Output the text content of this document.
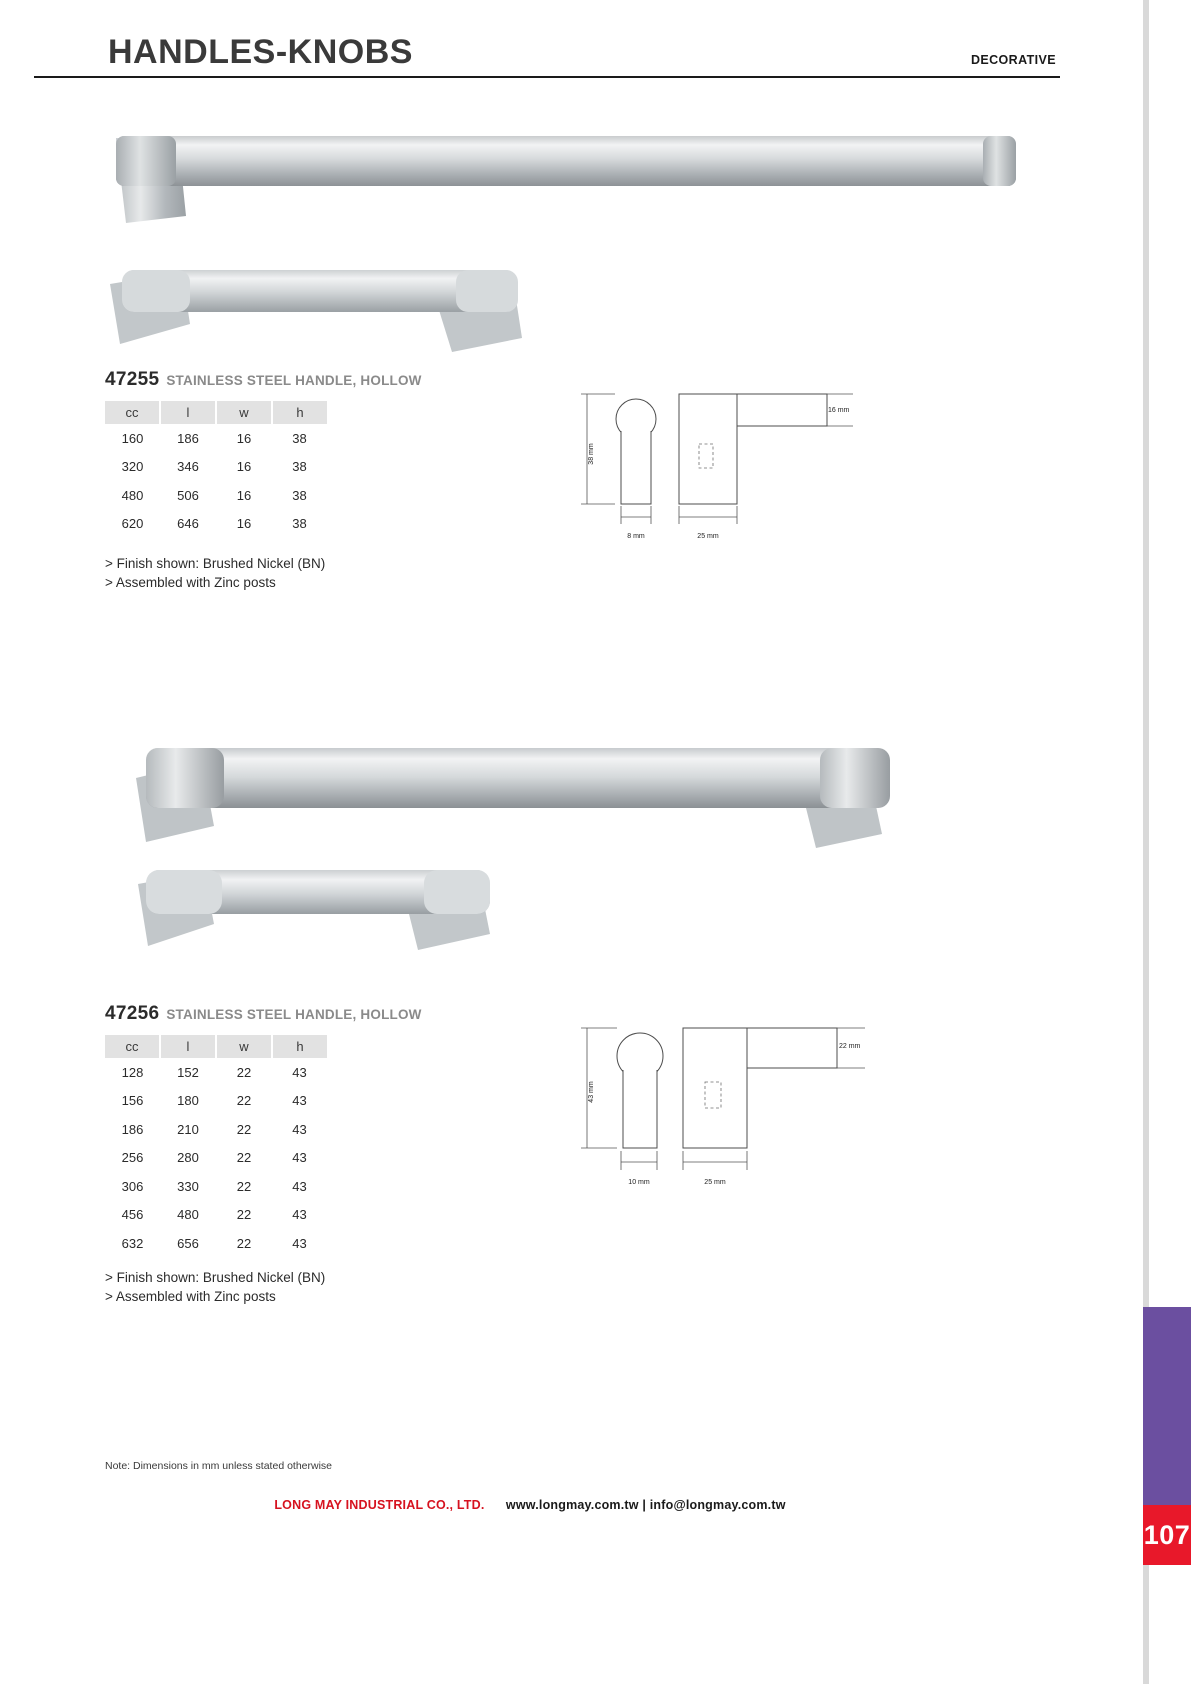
107
HANDLES-KNOBS	DECORATIVE
47255 STAINLESS STEEL HANDLE, HOLLOW
cc	l	w	h
160	186	16	38
320	346	16	38
480	506	16	38
620	646	16	38
> Finish shown: Brushed Nickel (BN)
> Assembled with Zinc posts
38 mm
8 mm	25 mm
16 mm
47256 STAINLESS STEEL HANDLE, HOLLOW
cc	l	w	h
128	152	22	43
156	180	22	43
186	210	22	43
256	280	22	43
306	330	22	43
456	480	22	43
632	656	22	43
> Finish shown: Brushed Nickel (BN)
> Assembled with Zinc posts
43 mm
10 mm	25 mm
22 mm
Note: Dimensions in mm unless stated otherwise
LONG MAY INDUSTRIAL CO., LTD. www.longmay.com.tw | info@longmay.com.tw
